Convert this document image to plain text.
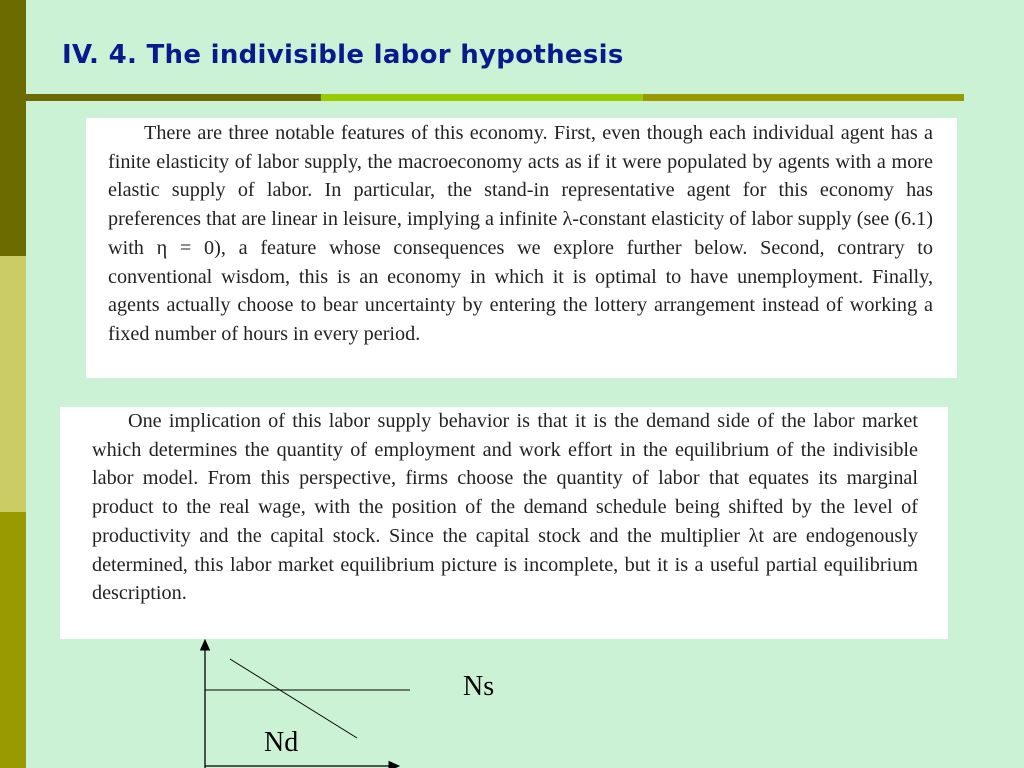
IV. 4. The indivisible labor hypothesis
There are three notable features of this economy. First, even though each individual agent has a finite elasticity of labor supply, the macroeconomy acts as if it were populated by agents with a more elastic supply of labor. In particular, the stand-in representative agent for this economy has preferences that are linear in leisure, implying a infinite λ-constant elasticity of labor supply (see (6.1) with η = 0), a feature whose consequences we explore further below. Second, contrary to conventional wisdom, this is an economy in which it is optimal to have unemployment. Finally, agents actually choose to bear uncertainty by entering the lottery arrangement instead of working a fixed number of hours in every period.
One implication of this labor supply behavior is that it is the demand side of the labor market which determines the quantity of employment and work effort in the equilibrium of the indivisible labor model. From this perspective, firms choose the quantity of labor that equates its marginal product to the real wage, with the position of the demand schedule being shifted by the level of productivity and the capital stock. Since the capital stock and the multiplier λt are endogenously determined, this labor market equilibrium picture is incomplete, but it is a useful partial equilibrium description.
Ns
Nd
